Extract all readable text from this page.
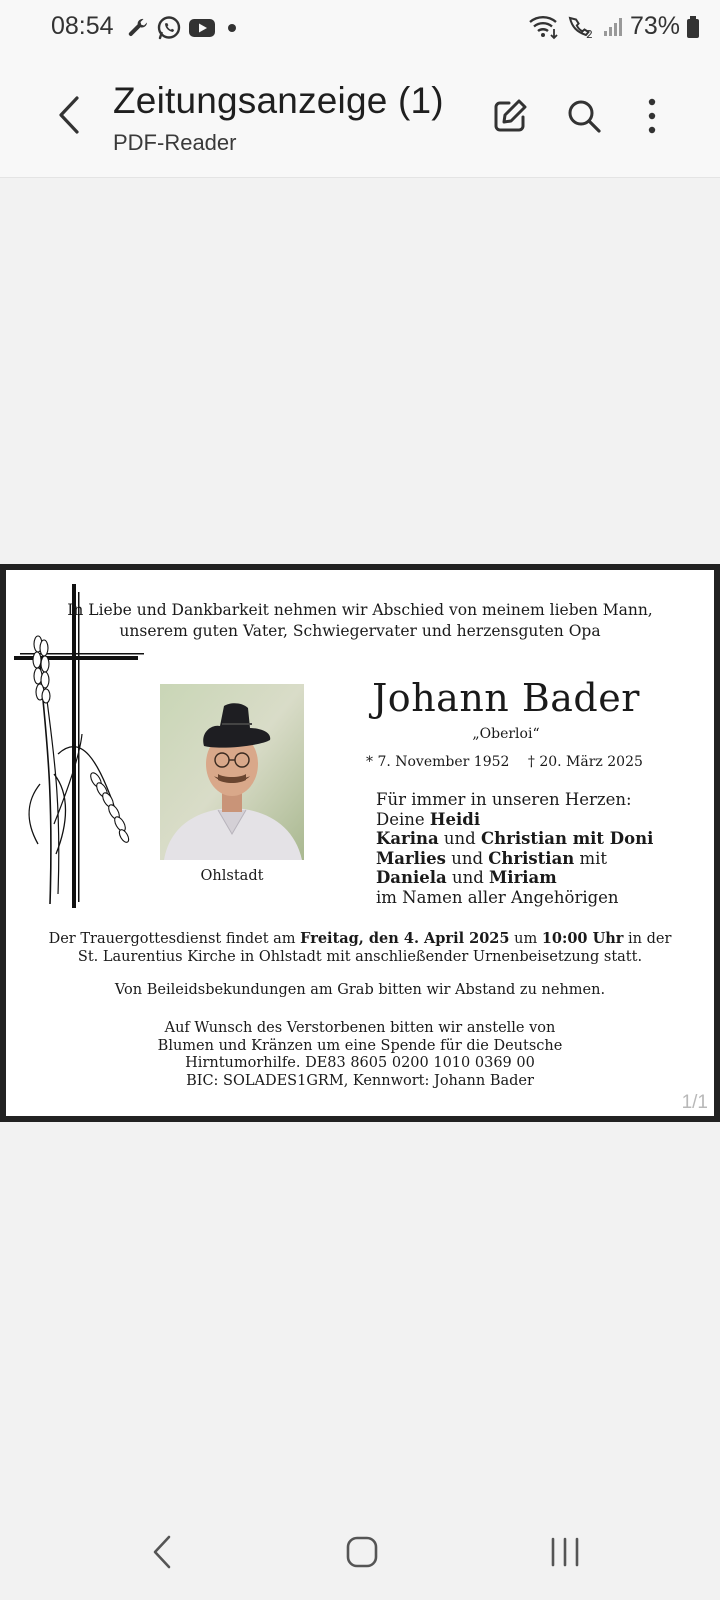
08:54	2 73%
Zeitungsanzeige (1)
PDF-Reader
In Liebe und Dankbarkeit nehmen wir Abschied von meinem lieben Mann,
unserem guten Vater, Schwiegervater und herzensguten Opa
Ohlstadt
Johann Bader
„Oberloi“
* 7. November 1952 † 20. März 2025
Für immer in unseren Herzen:
Deine Heidi
Karina und Christian mit Doni
Marlies und Christian mit
Daniela und Miriam
im Namen aller Angehörigen
Der Trauergottesdienst findet am Freitag, den 4. April 2025 um 10:00 Uhr in der
St. Laurentius Kirche in Ohlstadt mit anschließender Urnenbeisetzung statt.
Von Beileidsbekundungen am Grab bitten wir Abstand zu nehmen.
Auf Wunsch des Verstorbenen bitten wir anstelle von
Blumen und Kränzen um eine Spende für die Deutsche
Hirntumorhilfe. DE83 8605 0200 1010 0369 00
BIC: SOLADES1GRM, Kennwort: Johann Bader
1/1
